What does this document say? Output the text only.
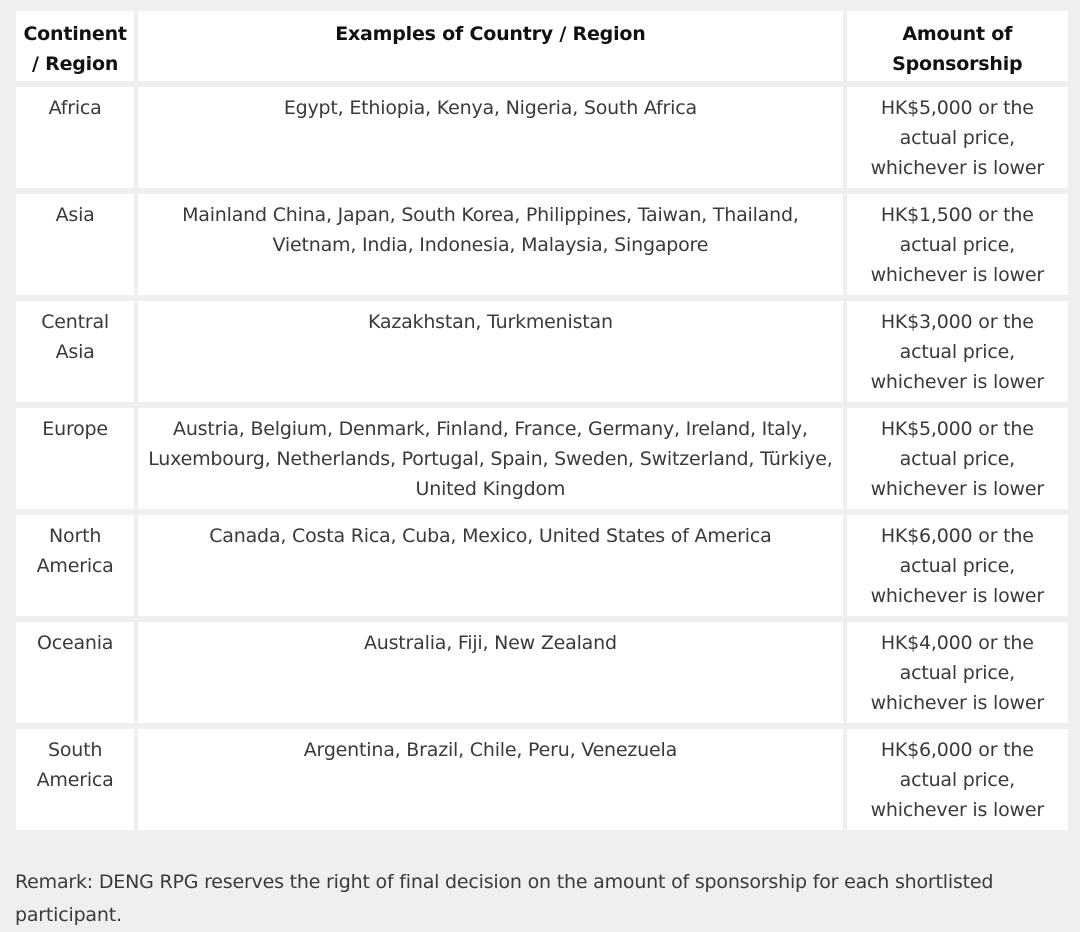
Continent / Region	Examples of Country / Region	Amount of Sponsorship
Africa	Egypt, Ethiopia, Kenya, Nigeria, South Africa	HK$5,000 or the actual price, whichever is lower
Asia	Mainland China, Japan, South Korea, Philippines, Taiwan, Thailand, Vietnam, India, Indonesia, Malaysia, Singapore	HK$1,500 or the actual price, whichever is lower
Central Asia	Kazakhstan, Turkmenistan	HK$3,000 or the actual price, whichever is lower
Europe	Austria, Belgium, Denmark, Finland, France, Germany, Ireland, Italy, Luxembourg, Netherlands, Portugal, Spain, Sweden, Switzerland, Türkiye, United Kingdom	HK$5,000 or the actual price, whichever is lower
North America	Canada, Costa Rica, Cuba, Mexico, United States of America	HK$6,000 or the actual price, whichever is lower
Oceania	Australia, Fiji, New Zealand	HK$4,000 or the actual price, whichever is lower
South America	Argentina, Brazil, Chile, Peru, Venezuela	HK$6,000 or the actual price, whichever is lower
Remark: DENG RPG reserves the right of final decision on the amount of sponsorship for each shortlisted participant.
